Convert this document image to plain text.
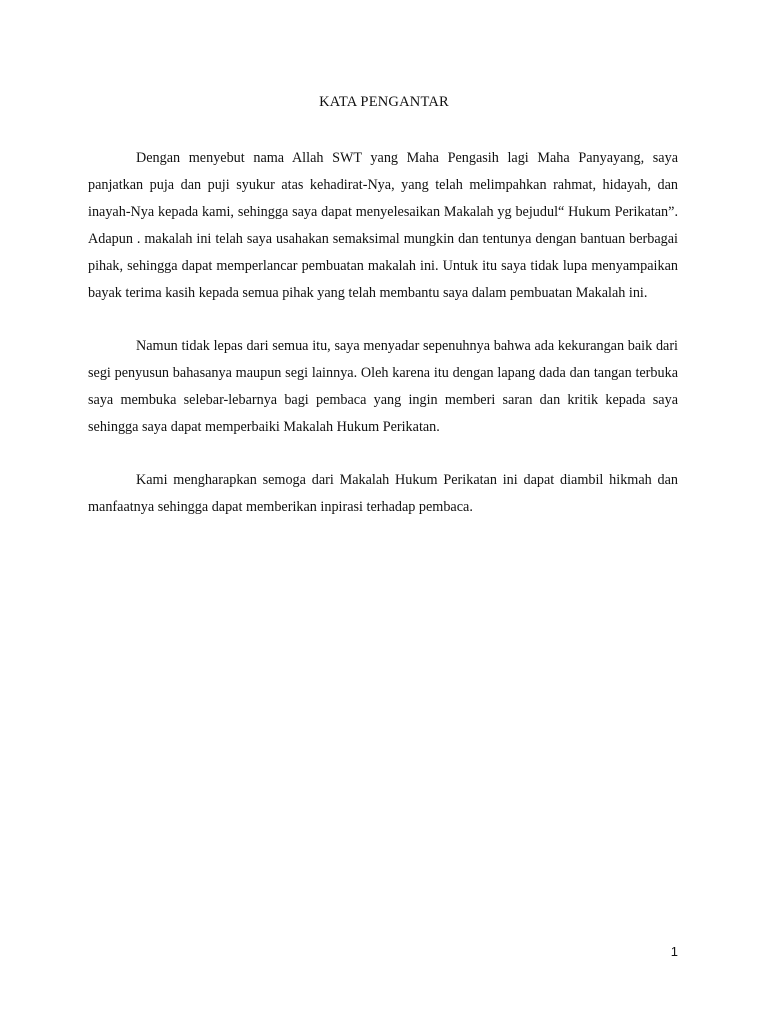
KATA PENGANTAR

Dengan menyebut nama Allah SWT yang Maha Pengasih lagi Maha Panyayang, saya panjatkan puja dan puji syukur atas kehadirat-Nya, yang telah melimpahkan rahmat, hidayah, dan inayah-Nya kepada kami, sehingga saya dapat menyelesaikan Makalah yg bejudul“ Hukum Perikatan”. Adapun . makalah ini telah saya usahakan semaksimal mungkin dan tentunya dengan bantuan berbagai pihak, sehingga dapat memperlancar pembuatan makalah ini. Untuk itu saya tidak lupa menyampaikan bayak terima kasih kepada semua pihak yang telah membantu saya dalam pembuatan Makalah ini.

Namun tidak lepas dari semua itu, saya menyadar sepenuhnya bahwa ada kekurangan baik dari segi penyusun bahasanya maupun segi lainnya. Oleh karena itu dengan lapang dada dan tangan terbuka saya membuka selebar-lebarnya bagi pembaca yang ingin memberi saran dan kritik kepada saya sehingga saya dapat memperbaiki Makalah Hukum Perikatan.

Kami mengharapkan semoga dari Makalah Hukum Perikatan ini dapat diambil hikmah dan manfaatnya sehingga dapat memberikan inpirasi terhadap pembaca.

1
